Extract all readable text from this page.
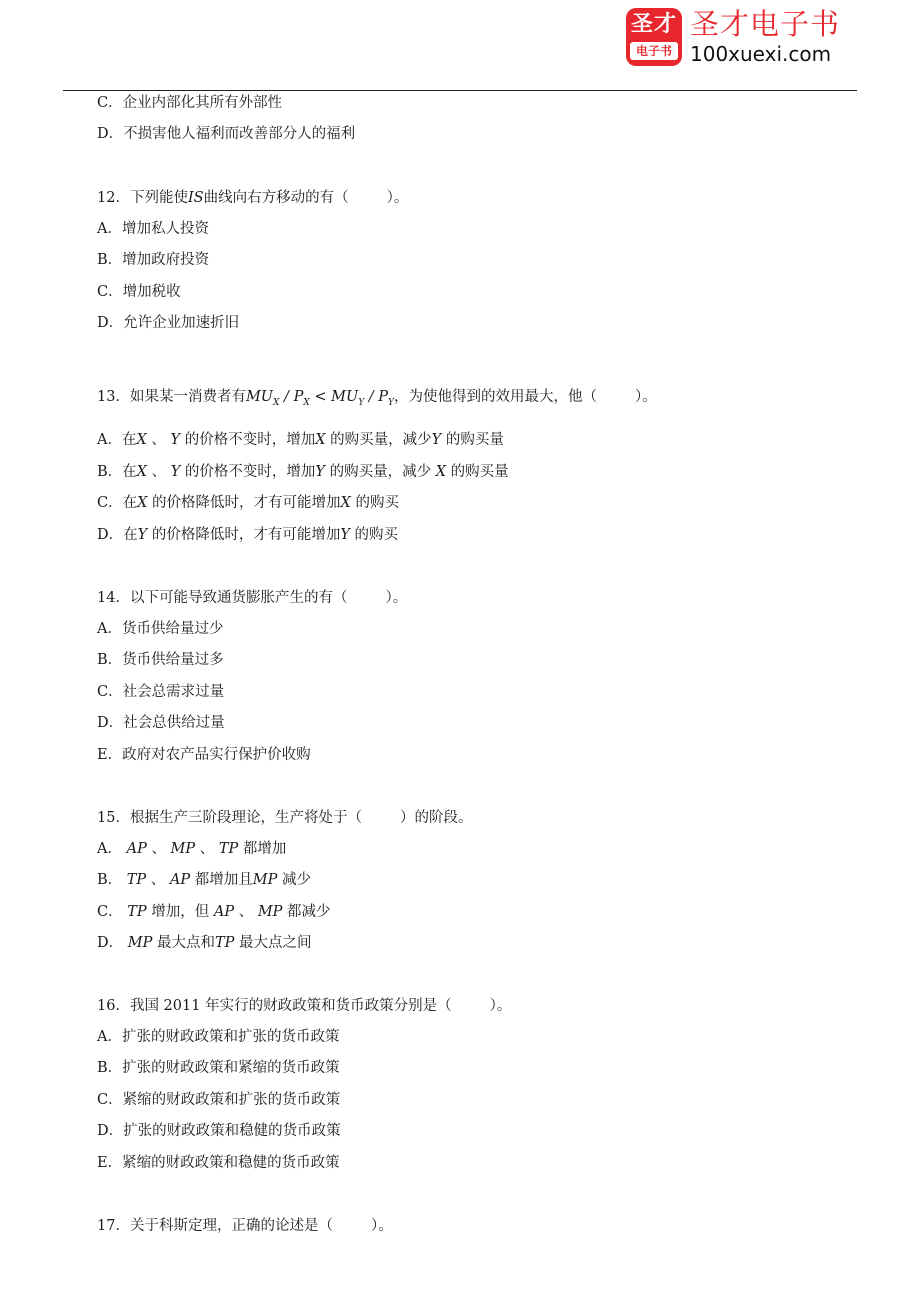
圣才
电子书
圣才电子书
100xuexi.com
C．企业内部化其所有外部性
D．不损害他人福利而改善部分人的福利
12．下列能使IS曲线向右方移动的有（	）。
A．增加私人投资
B．增加政府投资
C．增加税收
D．允许企业加速折旧
13．如果某一消费者有$MU_X / P_X < MU_Y / P_Y$，为使他得到的效用最大，他（	）。
A．在X 、 Y 的价格不变时，增加X 的购买量，减少Y 的购买量
B．在X 、 Y 的价格不变时，增加Y 的购买量，减少 X 的购买量
C．在X 的价格降低时，才有可能增加X 的购买
D．在Y 的价格降低时，才有可能增加Y 的购买
14．以下可能导致通货膨胀产生的有（	）。
A．货币供给量过少
B．货币供给量过多
C．社会总需求过量
D．社会总供给过量
E．政府对农产品实行保护价收购
15．根据生产三阶段理论，生产将处于（	）的阶段。
A． AP 、 MP 、 TP 都增加
B． TP 、 AP 都增加且MP 减少
C． TP 增加，但 AP 、 MP 都减少
D． MP 最大点和TP 最大点之间
16．我国 2011 年实行的财政政策和货币政策分别是（	）。
A．扩张的财政政策和扩张的货币政策
B．扩张的财政政策和紧缩的货币政策
C．紧缩的财政政策和扩张的货币政策
D．扩张的财政政策和稳健的货币政策
E．紧缩的财政政策和稳健的货币政策
17．关于科斯定理，正确的论述是（	）。
